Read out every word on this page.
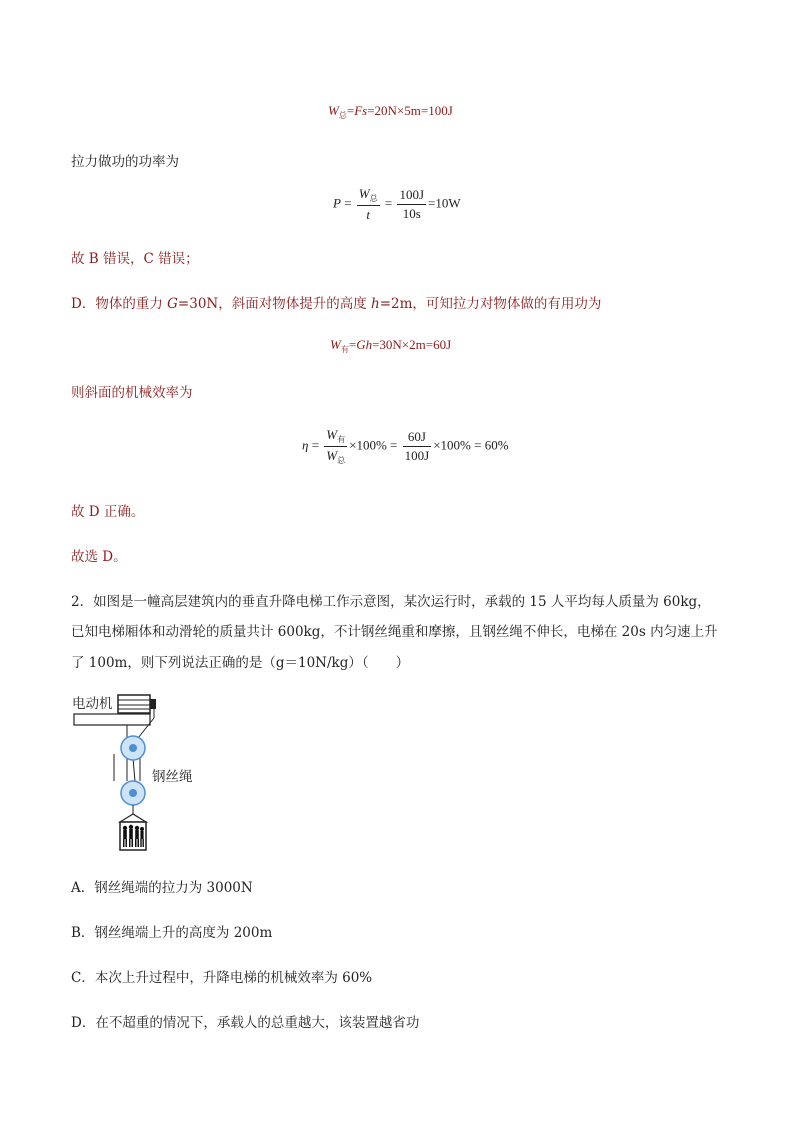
$W_总=Fs=20N\times 5m=100J$
拉力做功的功率为
$P = \frac{W_总}{t} = \frac{100J}{10s} =10W$
故 B 错误，C 错误；
D．物体的重力 G=30N，斜面对物体提升的高度 h=2m，可知拉力对物体做的有用功为
$W_有=Gh=30N\times 2m=60J$
则斜面的机械效率为
$\eta = \frac{W_有}{W_总} \times 100\% = \frac{60J}{100J} \times 100\% = 60\%$
故 D 正确。
故选 D。
2．如图是一幢高层建筑内的垂直升降电梯工作示意图，某次运行时，承载的 15 人平均每人质量为 60kg，
已知电梯厢体和动滑轮的质量共计 600kg，不计钢丝绳重和摩擦，且钢丝绳不伸长，电梯在 20s 内匀速上升
了 100m，则下列说法正确的是（g＝10N/kg）（　　）
电动机
钢丝绳
A．钢丝绳端的拉力为 3000N
B．钢丝绳端上升的高度为 200m
C．本次上升过程中，升降电梯的机械效率为 60%
D．在不超重的情况下，承载人的总重越大，该装置越省功
